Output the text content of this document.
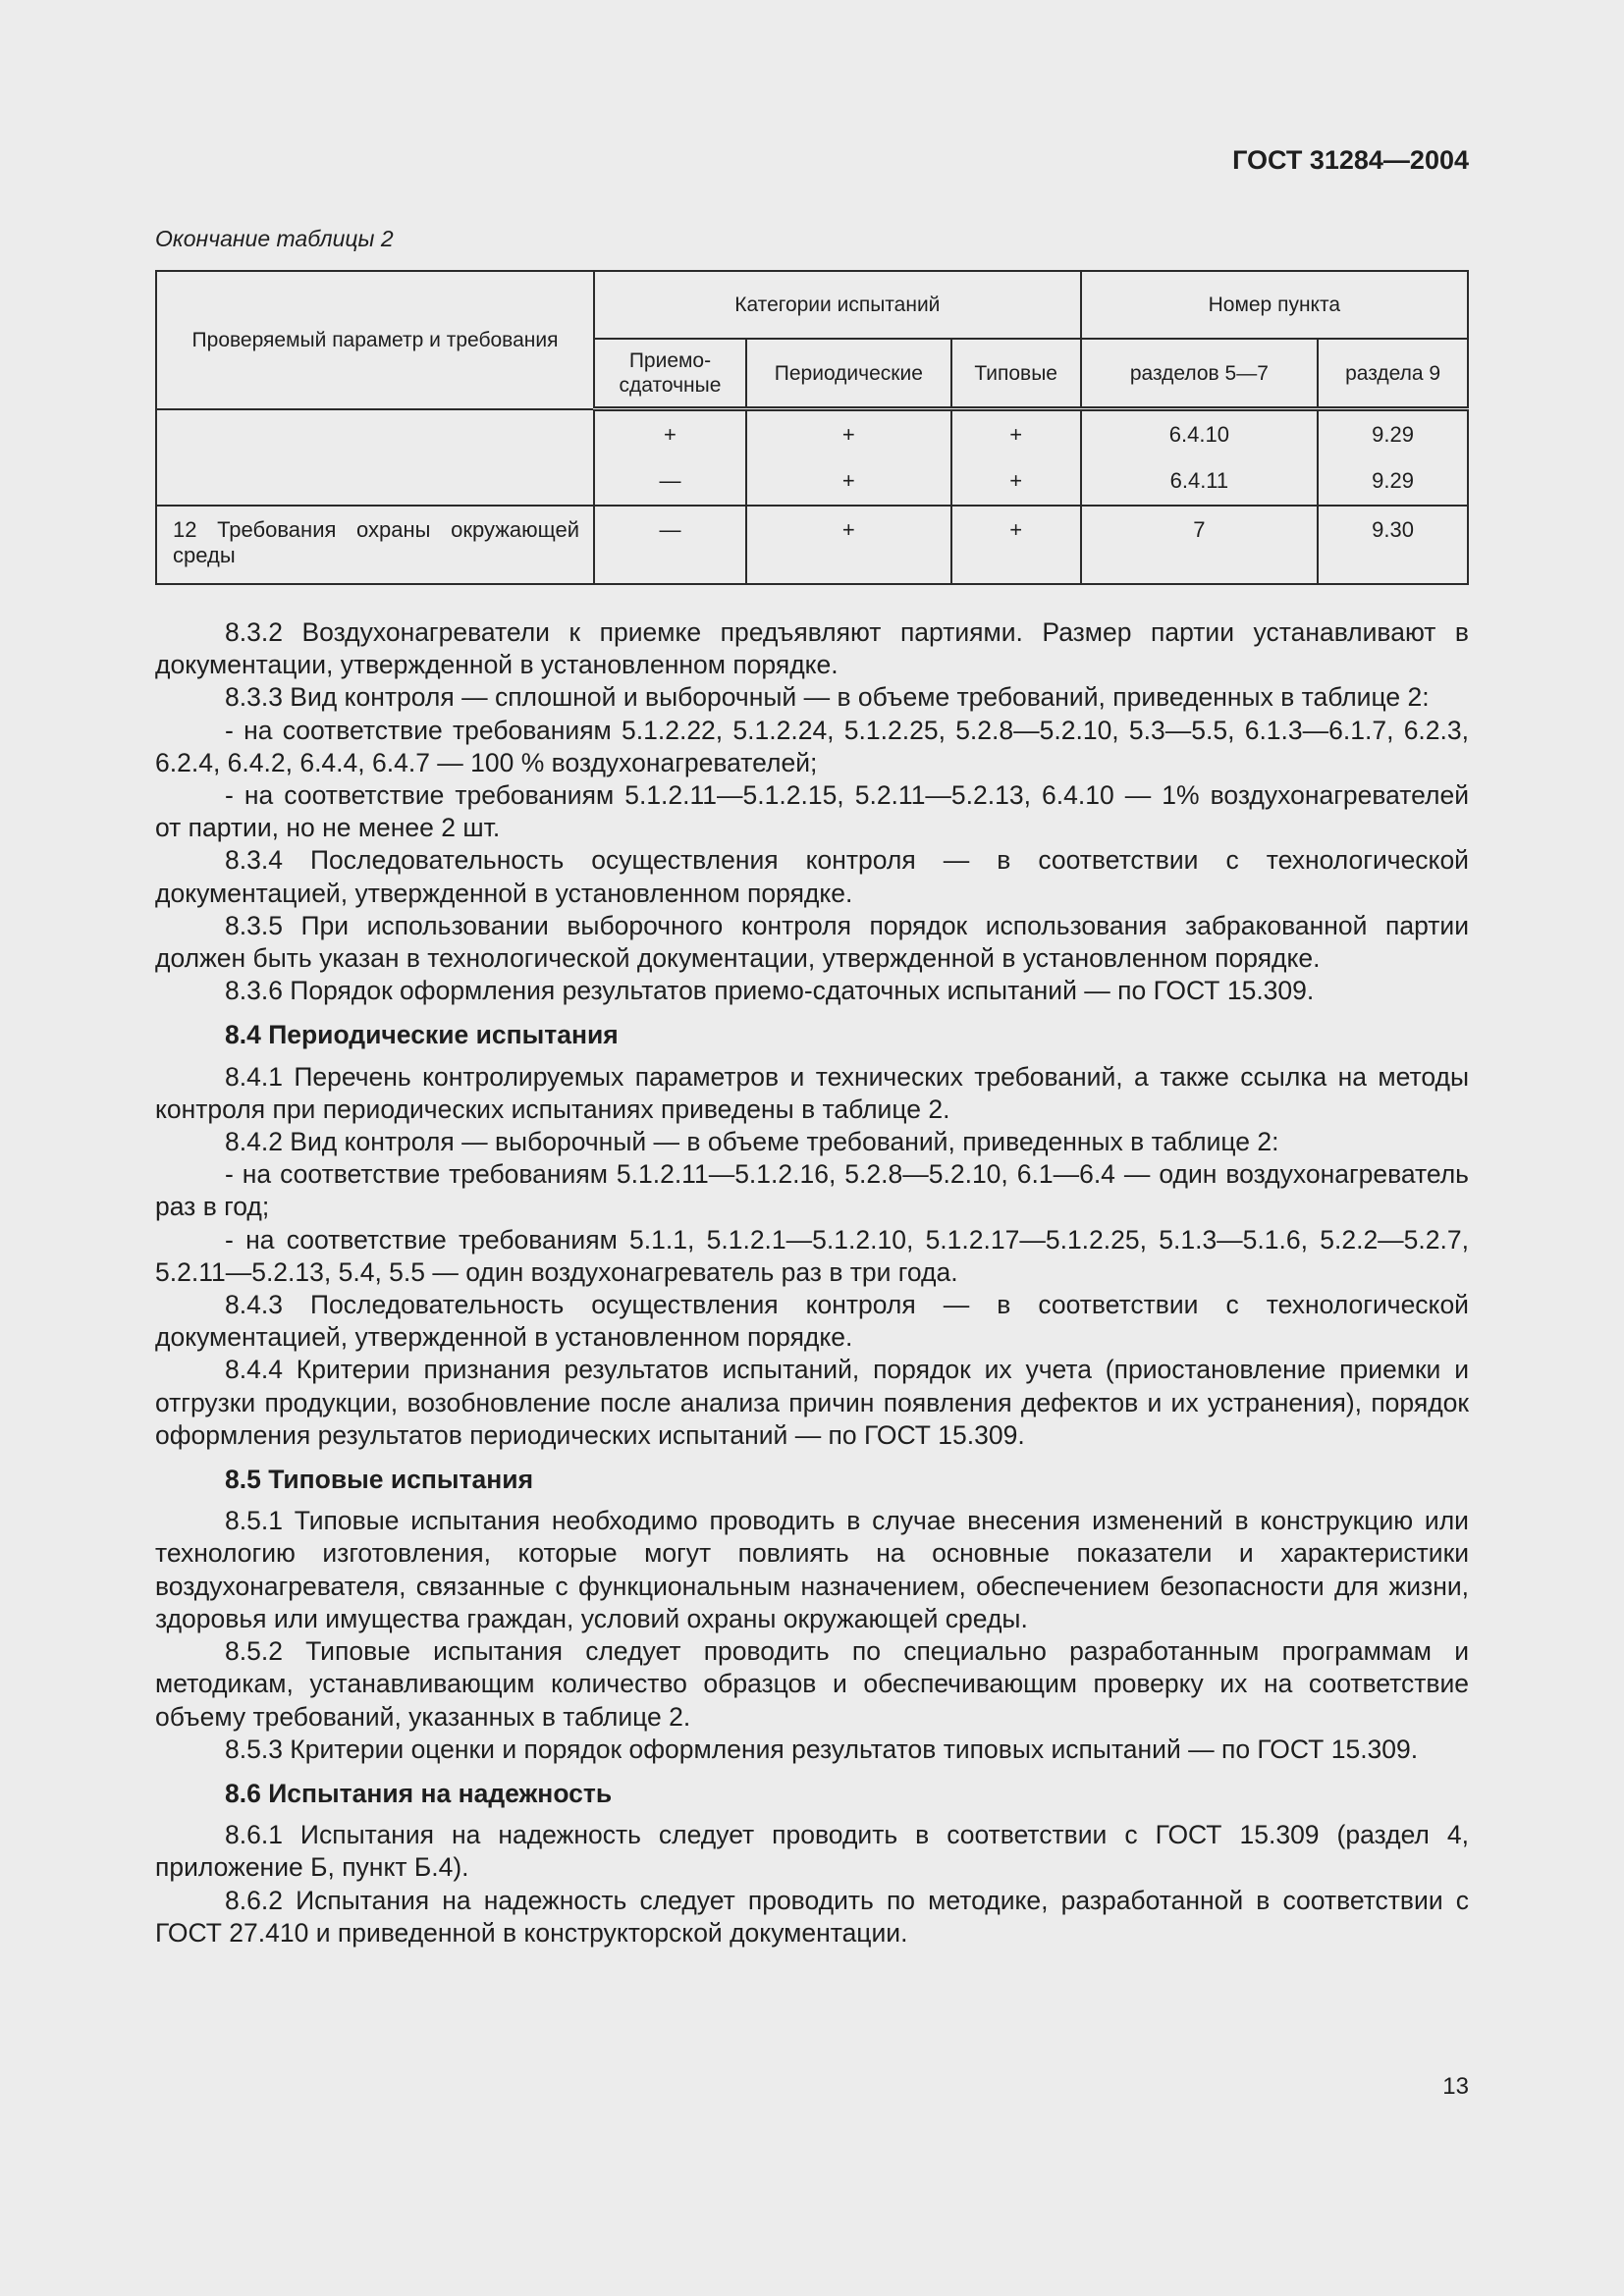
ГОСТ 31284—2004
Окончание таблицы 2
Проверяемый параметр и требования	Категории испытаний			Номер пункта	
	Приемо-сдаточные	Периодические	Типовые	разделов 5—7	раздела 9
	+	+	+	6.4.10	9.29
	—	+	+	6.4.11	9.29
12 Требования охраны окружающей среды	—	+	+	7	9.30

8.3.2 Воздухонагреватели к приемке предъявляют партиями. Размер партии устанавливают в документации, утвержденной в установленном порядке.

8.3.3 Вид контроля — сплошной и выборочный — в объеме требований, приведенных в таблице 2:

- на соответствие требованиям 5.1.2.22, 5.1.2.24, 5.1.2.25, 5.2.8—5.2.10, 5.3—5.5, 6.1.3—6.1.7, 6.2.3, 6.2.4, 6.4.2, 6.4.4, 6.4.7 — 100 % воздухонагревателей;

- на соответствие требованиям 5.1.2.11—5.1.2.15, 5.2.11—5.2.13, 6.4.10 — 1% воздухонагревателей от партии, но не менее 2 шт.

8.3.4 Последовательность осуществления контроля — в соответствии с технологической документацией, утвержденной в установленном порядке.

8.3.5 При использовании выборочного контроля порядок использования забракованной партии должен быть указан в технологической документации, утвержденной в установленном порядке.

8.3.6 Порядок оформления результатов приемо-сдаточных испытаний — по ГОСТ 15.309.

8.4 Периодические испытания

8.4.1 Перечень контролируемых параметров и технических требований, а также ссылка на методы контроля при периодических испытаниях приведены в таблице 2.

8.4.2 Вид контроля — выборочный — в объеме требований, приведенных в таблице 2:

- на соответствие требованиям 5.1.2.11—5.1.2.16, 5.2.8—5.2.10, 6.1—6.4 — один воздухонагреватель раз в год;

- на соответствие требованиям 5.1.1, 5.1.2.1—5.1.2.10, 5.1.2.17—5.1.2.25, 5.1.3—5.1.6, 5.2.2—5.2.7, 5.2.11—5.2.13, 5.4, 5.5 — один воздухонагреватель раз в три года.

8.4.3 Последовательность осуществления контроля — в соответствии с технологической документацией, утвержденной в установленном порядке.

8.4.4 Критерии признания результатов испытаний, порядок их учета (приостановление приемки и отгрузки продукции, возобновление после анализа причин появления дефектов и их устранения), порядок оформления результатов периодических испытаний — по ГОСТ 15.309.

8.5 Типовые испытания

8.5.1 Типовые испытания необходимо проводить в случае внесения изменений в конструкцию или технологию изготовления, которые могут повлиять на основные показатели и характеристики воздухонагревателя, связанные с функциональным назначением, обеспечением безопасности для жизни, здоровья или имущества граждан, условий охраны окружающей среды.

8.5.2 Типовые испытания следует проводить по специально разработанным программам и методикам, устанавливающим количество образцов и обеспечивающим проверку их на соответствие объему требований, указанных в таблице 2.

8.5.3 Критерии оценки и порядок оформления результатов типовых испытаний — по ГОСТ 15.309.

8.6 Испытания на надежность

8.6.1 Испытания на надежность следует проводить в соответствии с ГОСТ 15.309 (раздел 4, приложение Б, пункт Б.4).

8.6.2 Испытания на надежность следует проводить по методике, разработанной в соответствии с ГОСТ 27.410 и приведенной в конструкторской документации.

13
